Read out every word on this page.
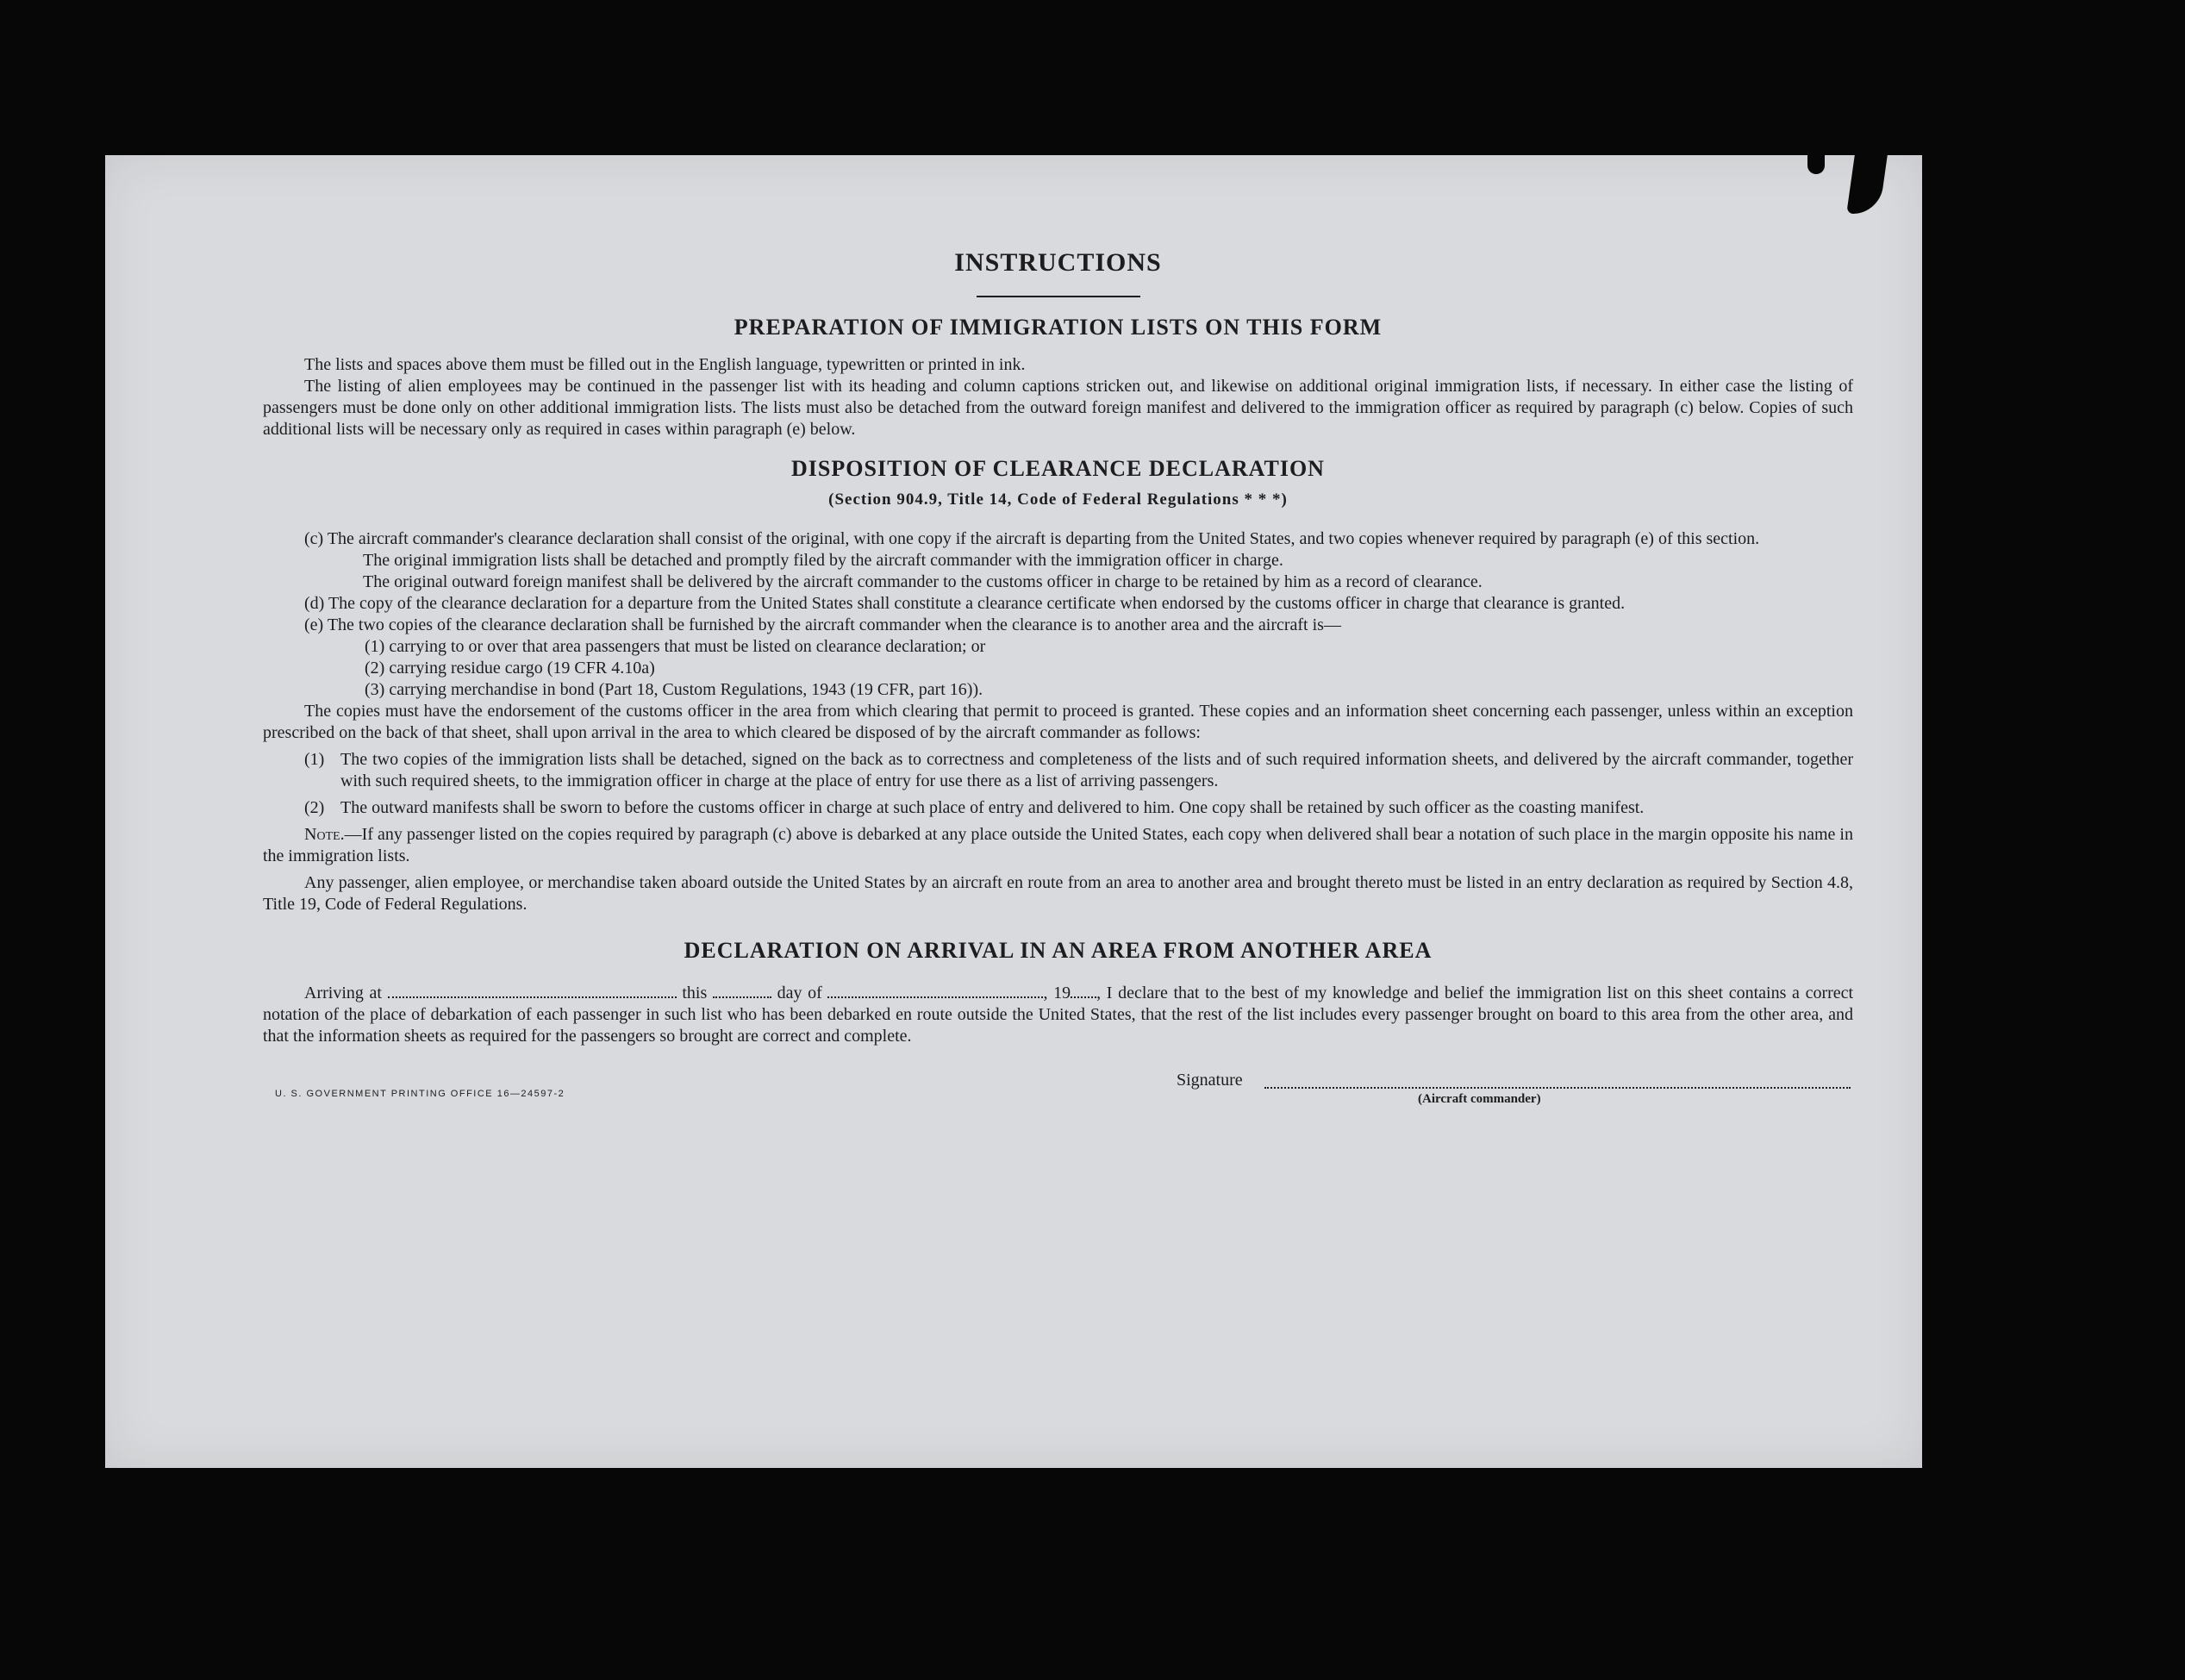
INSTRUCTIONS
PREPARATION OF IMMIGRATION LISTS ON THIS FORM

The lists and spaces above them must be filled out in the English language, typewritten or printed in ink.

The listing of alien employees may be continued in the passenger list with its heading and column captions stricken out, and likewise on additional original immigration lists, if necessary. In either case the listing of passengers must be done only on other additional immigration lists. The lists must also be detached from the outward foreign manifest and delivered to the immigration officer as required by paragraph (c) below. Copies of such additional lists will be necessary only as required in cases within paragraph (e) below.

DISPOSITION OF CLEARANCE DECLARATION
(Section 904.9, Title 14, Code of Federal Regulations * * *)

(c) The aircraft commander's clearance declaration shall consist of the original, with one copy if the aircraft is departing from the United States, and two copies whenever required by paragraph (e) of this section.

The original immigration lists shall be detached and promptly filed by the aircraft commander with the immigration officer in charge.

The original outward foreign manifest shall be delivered by the aircraft commander to the customs officer in charge to be retained by him as a record of clearance.

(d) The copy of the clearance declaration for a departure from the United States shall constitute a clearance certificate when endorsed by the customs officer in charge that clearance is granted.

(e) The two copies of the clearance declaration shall be furnished by the aircraft commander when the clearance is to another area and the aircraft is—

(1) carrying to or over that area passengers that must be listed on clearance declaration; or

(2) carrying residue cargo (19 CFR 4.10a)

(3) carrying merchandise in bond (Part 18, Custom Regulations, 1943 (19 CFR, part 16)).

The copies must have the endorsement of the customs officer in the area from which clearing that permit to proceed is granted. These copies and an information sheet concerning each passenger, unless within an exception prescribed on the back of that sheet, shall upon arrival in the area to which cleared be disposed of by the aircraft commander as follows:

(1) The two copies of the immigration lists shall be detached, signed on the back as to correctness and completeness of the lists and of such required information sheets, and delivered by the aircraft commander, together with such required sheets, to the immigration officer in charge at the place of entry for use there as a list of arriving passengers.
(2) The outward manifests shall be sworn to before the customs officer in charge at such place of entry and delivered to him. One copy shall be retained by such officer as the coasting manifest.

Note.—If any passenger listed on the copies required by paragraph (c) above is debarked at any place outside the United States, each copy when delivered shall bear a notation of such place in the margin opposite his name in the immigration lists.

Any passenger, alien employee, or merchandise taken aboard outside the United States by an aircraft en route from an area to another area and brought thereto must be listed in an entry declaration as required by Section 4.8, Title 19, Code of Federal Regulations.

DECLARATION ON ARRIVAL IN AN AREA FROM ANOTHER AREA

Arriving at	this	day of	, 19 , I declare that to the best of my knowledge and belief the immigration list on this sheet contains a correct notation of the place of debarkation of each passenger in such list who has been debarked en route outside the United States, that the rest of the list includes every passenger brought on board to this area from the other area, and that the information sheets as required for the passengers so brought are correct and complete.

U. S. GOVERNMENT PRINTING OFFICE 16—24597-2
Signature
(Aircraft commander)
